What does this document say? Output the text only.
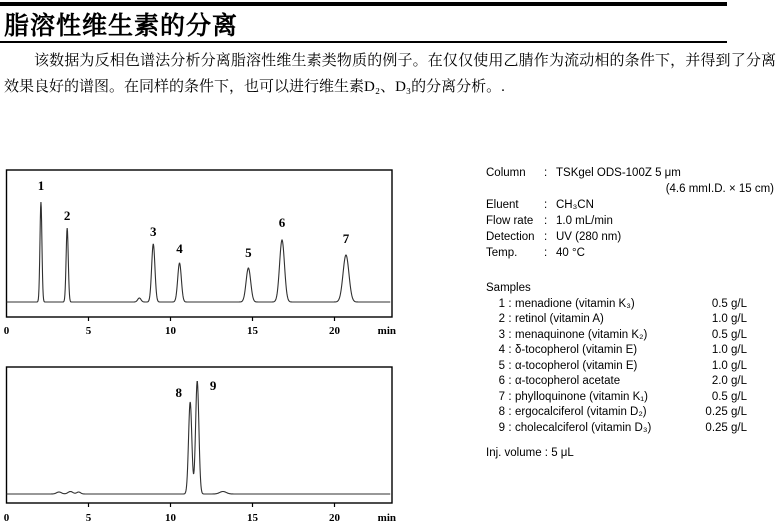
脂溶性维生素的分离

该数据为反相色谱法分析分离脂溶性维生素类物质的例子。在仅仅使用乙腈作为流动相的条件下，并得到了分离效果良好的谱图。在同样的条件下，也可以进行维生素D₂、D₃的分离分析。.

0	5	10	15	20	min
1
2
3
4	5
6
7
0	5	10	15	20	min
8 9
Column	: TSKgel ODS-100Z 5 μm
(4.6 mmI.D. × 15 cm)
Eluent	: CH₃CN
Flow rate : 1.0 mL/min
Detection : UV (280 nm)
Temp.	: 40 °C
Samples
1 : menadione (vitamin K₃)	0.5 g/L
2 : retinol (vitamin A)	1.0 g/L
3 : menaquinone (vitamin K₂)	0.5 g/L
4 : δ-tocopherol (vitamin E)	1.0 g/L
5 : α-tocopherol (vitamin E)	1.0 g/L
6 : α-tocopherol acetate	2.0 g/L
7 : phylloquinone (vitamin K₁)	0.5 g/L
8 : ergocalciferol (vitamin D₂)	0.25 g/L
9 : cholecalciferol (vitamin D₃)	0.25 g/L
Inj. volume : 5 μL
